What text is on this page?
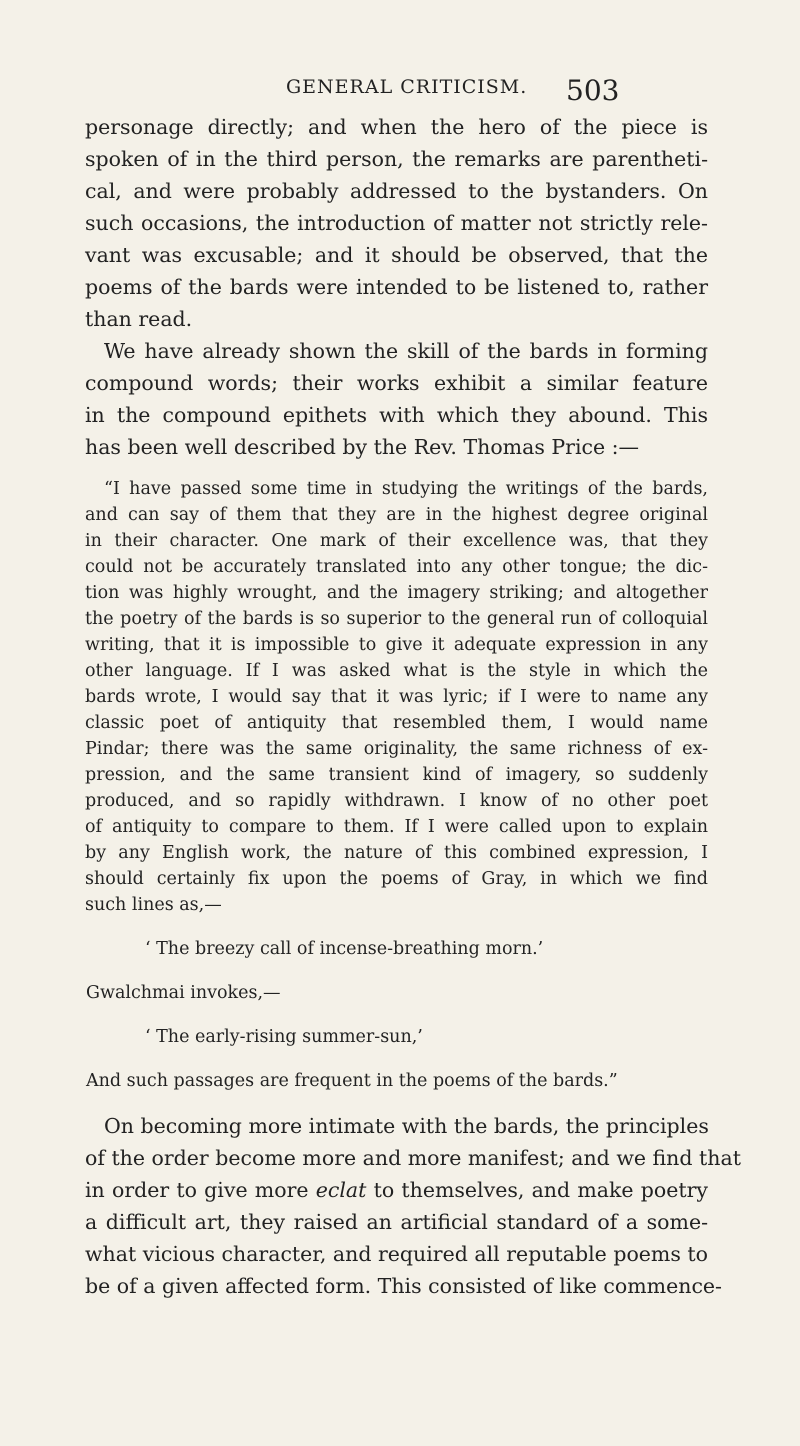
GENERAL CRITICISM. 503
personage directly; and when the hero of the piece is
spoken of in the third person, the remarks are parentheti-
cal, and were probably addressed to the bystanders. On
such occasions, the introduction of matter not strictly rele-
vant was excusable; and it should be observed, that the
poems of the bards were intended to be listened to, rather
than read.
We have already shown the skill of the bards in forming
compound words; their works exhibit a similar feature
in the compound epithets with which they abound. This
has been well described by the Rev. Thomas Price :—
“I have passed some time in studying the writings of the bards,
and can say of them that they are in the highest degree original
in their character. One mark of their excellence was, that they
could not be accurately translated into any other tongue; the dic-
tion was highly wrought, and the imagery striking; and altogether
the poetry of the bards is so superior to the general run of colloquial
writing, that it is impossible to give it adequate expression in any
other language. If I was asked what is the style in which the
bards wrote, I would say that it was lyric; if I were to name any
classic poet of antiquity that resembled them, I would name
Pindar; there was the same originality, the same richness of ex-
pression, and the same transient kind of imagery, so suddenly
produced, and so rapidly withdrawn. I know of no other poet
of antiquity to compare to them. If I were called upon to explain
by any English work, the nature of this combined expression, I
should certainly fix upon the poems of Gray, in which we find
such lines as,—
‘ The breezy call of incense-breathing morn.’
Gwalchmai invokes,—
‘ The early-rising summer-sun,’
And such passages are frequent in the poems of the bards.”
On becoming more intimate with the bards, the principles
of the order become more and more manifest; and we find that
in order to give more eclat to themselves, and make poetry
a difficult art, they raised an artificial standard of a some-
what vicious character, and required all reputable poems to
be of a given affected form. This consisted of like commence-
